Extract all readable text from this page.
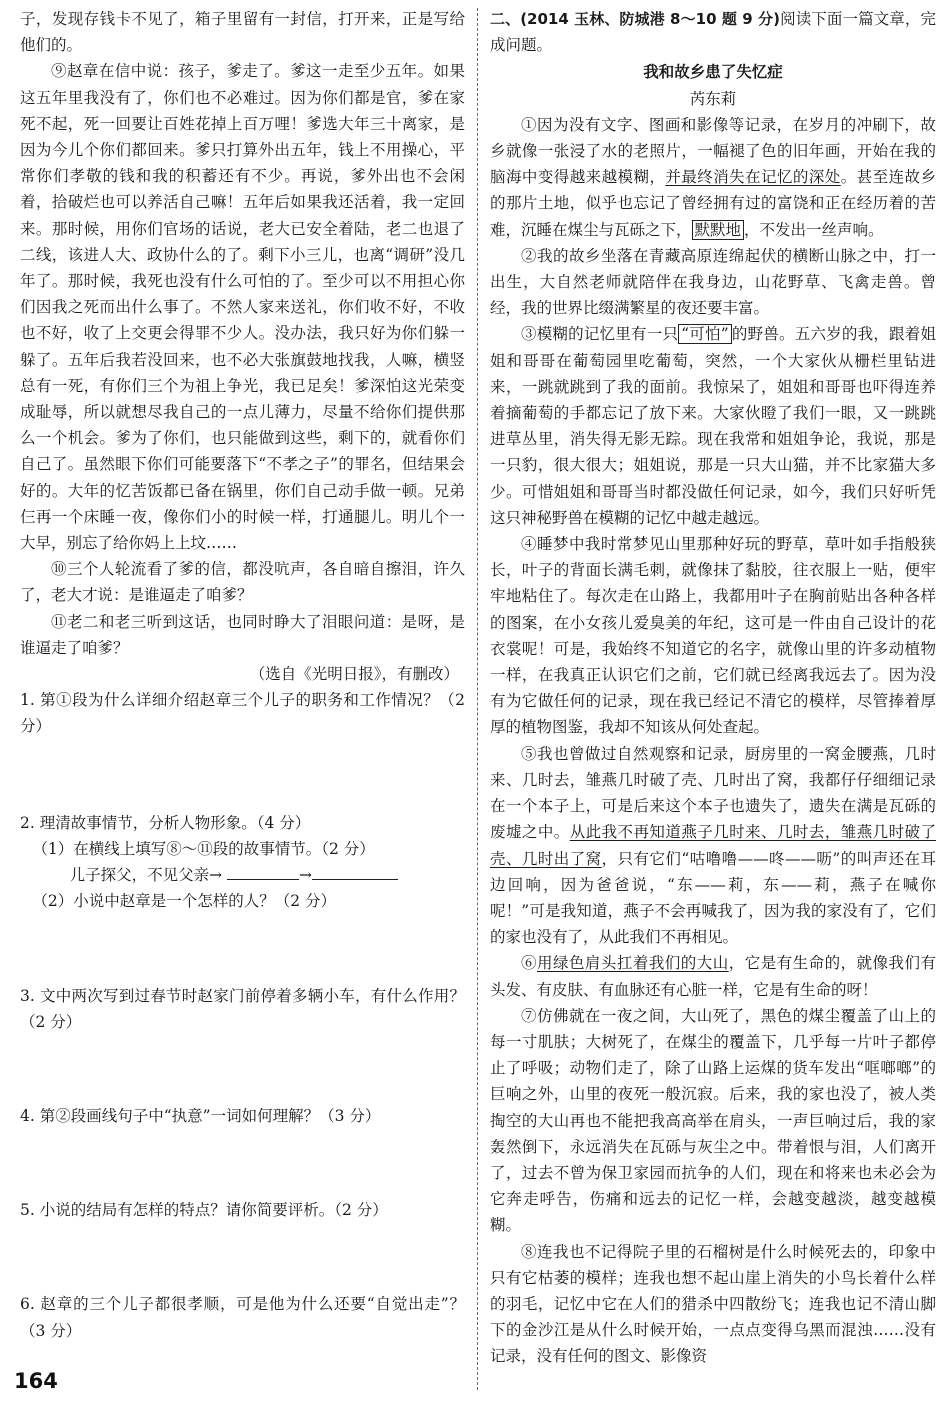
子，发现存钱卡不见了，箱子里留有一封信，打开来，正是写给他们的。

⑨赵章在信中说：孩子，爹走了。爹这一走至少五年。如果这五年里我没有了，你们也不必难过。因为你们都是官，爹在家死不起，死一回要让百姓花掉上百万哩！爹选大年三十离家，是因为今儿个你们都回来。爹只打算外出五年，钱上不用操心，平常你们孝敬的钱和我的积蓄还有不少。再说，爹外出也不会闲着，拾破烂也可以养活自己嘛！五年后如果我还活着，我一定回来。那时候，用你们官场的话说，老大已安全着陆，老二也退了二线，该进人大、政协什么的了。剩下小三儿，也离“调研”没几年了。那时候，我死也没有什么可怕的了。至少可以不用担心你们因我之死而出什么事了。不然人家来送礼，你们收不好，不收也不好，收了上交更会得罪不少人。没办法，我只好为你们躲一躲了。五年后我若没回来，也不必大张旗鼓地找我，人嘛，横竖总有一死，有你们三个为祖上争光，我已足矣！爹深怕这光荣变成耻辱，所以就想尽我自己的一点儿薄力，尽量不给你们提供那么一个机会。爹为了你们，也只能做到这些，剩下的，就看你们自己了。虽然眼下你们可能要落下“不孝之子”的罪名，但结果会好的。大年的忆苦饭都已备在锅里，你们自己动手做一顿。兄弟仨再一个床睡一夜，像你们小的时候一样，打通腿儿。明儿个一大早，别忘了给你妈上上坟……

⑩三个人轮流看了爹的信，都没吭声，各自暗自擦泪，许久了，老大才说：是谁逼走了咱爹？

⑪老二和老三听到这话，也同时睁大了泪眼问道：是呀，是谁逼走了咱爹？

（选自《光明日报》，有删改）

1. 第①段为什么详细介绍赵章三个儿子的职务和工作情况？（2 分）

2. 理清故事情节，分析人物形象。（4 分）

（1）在横线上填写⑧～⑪段的故事情节。（2 分）

儿子探父，不见父亲→	→

（2）小说中赵章是一个怎样的人？（2 分）

3. 文中两次写到过春节时赵家门前停着多辆小车，有什么作用？（2 分）

4. 第②段画线句子中“执意”一词如何理解？（3 分）

5. 小说的结局有怎样的特点？请你简要评析。（2 分）

6. 赵章的三个儿子都很孝顺，可是他为什么还要“自觉出走”？（3 分）

二、(2014 玉林、防城港 8～10 题 9 分)阅读下面一篇文章，完成问题。

我和故乡患了失忆症

芮东莉

①因为没有文字、图画和影像等记录，在岁月的冲刷下，故乡就像一张浸了水的老照片，一幅褪了色的旧年画，开始在我的脑海中变得越来越模糊，并最终消失在记忆的深处。甚至连故乡的那片土地，似乎也忘记了曾经拥有过的富饶和正在经历着的苦难，沉睡在煤尘与瓦砾之下， 默默地 ，不发出一丝声响。

②我的故乡坐落在青藏高原连绵起伏的横断山脉之中，打一出生，大自然老师就陪伴在我身边，山花野草、飞禽走兽。曾经，我的世界比缀满繁星的夜还要丰富。

③模糊的记忆里有一只 “可怕” 的野兽。五六岁的我，跟着姐姐和哥哥在葡萄园里吃葡萄，突然，一个大家伙从栅栏里钻进来，一跳就跳到了我的面前。我惊呆了，姐姐和哥哥也吓得连养着摘葡萄的手都忘记了放下来。大家伙瞪了我们一眼，又一跳跳进草丛里，消失得无影无踪。现在我常和姐姐争论，我说，那是一只豹，很大很大；姐姐说，那是一只大山猫，并不比家猫大多少。可惜姐姐和哥哥当时都没做任何记录，如今，我们只好听凭这只神秘野兽在模糊的记忆中越走越远。

④睡梦中我时常梦见山里那种好玩的野草，草叶如手指般狭长，叶子的背面长满毛刺，就像抹了黏胶，往衣服上一贴，便牢牢地粘住了。每次走在山路上，我都用叶子在胸前贴出各种各样的图案，在小女孩儿爱臭美的年纪，这可是一件由自己设计的花衣裳呢！可是，我始终不知道它的名字，就像山里的许多动植物一样，在我真正认识它们之前，它们就已经离我远去了。因为没有为它做任何的记录，现在我已经记不清它的模样，尽管捧着厚厚的植物图鉴，我却不知该从何处查起。

⑤我也曾做过自然观察和记录，厨房里的一窝金腰燕，几时来、几时去，雏燕几时破了壳、几时出了窝，我都仔仔细细记录在一个本子上，可是后来这个本子也遗失了，遗失在满是瓦砾的废墟之中。从此我不再知道燕子几时来、几时去，雏燕几时破了壳、几时出了窝，只有它们“咕噜噜——咚——呖”的叫声还在耳边回响，因为爸爸说，“东——莉，东——莉，燕子在喊你呢！”可是我知道，燕子不会再喊我了，因为我的家没有了，它们的家也没有了，从此我们不再相见。

⑥用绿色肩头扛着我们的大山，它是有生命的，就像我们有头发、有皮肤、有血脉还有心脏一样，它是有生命的呀！

⑦仿佛就在一夜之间，大山死了，黑色的煤尘覆盖了山上的每一寸肌肤；大树死了，在煤尘的覆盖下，几乎每一片叶子都停止了呼吸；动物们走了，除了山路上运煤的货车发出“哐啷啷”的巨响之外，山里的夜死一般沉寂。后来，我的家也没了，被人类掏空的大山再也不能把我高高举在肩头，一声巨响过后，我的家轰然倒下，永远消失在瓦砾与灰尘之中。带着恨与泪，人们离开了，过去不曾为保卫家园而抗争的人们，现在和将来也未必会为它奔走呼告，伤痛和远去的记忆一样，会越变越淡，越变越模糊。

⑧连我也不记得院子里的石榴树是什么时候死去的，印象中只有它枯萎的模样；连我也想不起山崖上消失的小鸟长着什么样的羽毛，记忆中它在人们的猎杀中四散纷飞；连我也记不清山脚下的金沙江是从什么时候开始，一点点变得乌黑而混浊……没有记录，没有任何的图文、影像资

164
